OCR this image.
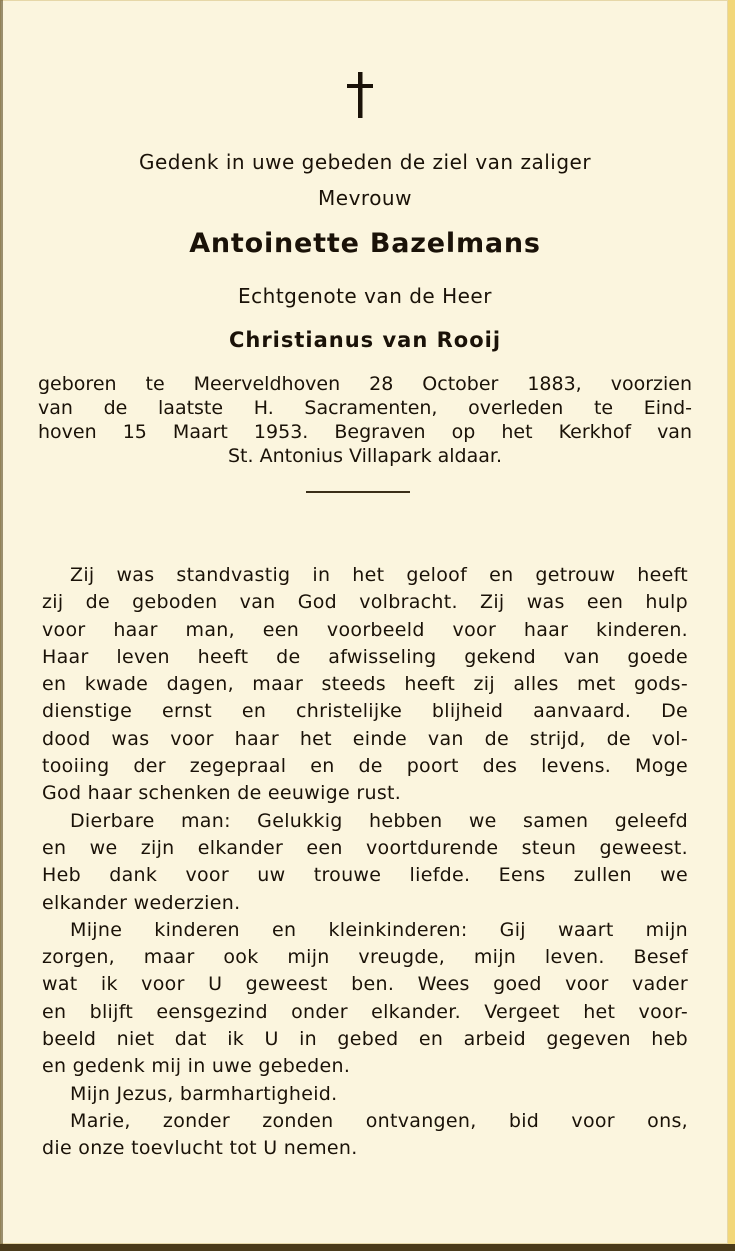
Gedenk in uwe gebeden de ziel van zaliger
Mevrouw
Antoinette Bazelmans
Echtgenote van de Heer
Christianus van Rooij
geboren te Meerveldhoven 28 October 1883, voorzien
van de laatste H. Sacramenten, overleden te Eind-
hoven 15 Maart 1953. Begraven op het Kerkhof van
St. Antonius Villapark aldaar.
Zij was standvastig in het geloof en getrouw heeft
zij de geboden van God volbracht. Zij was een hulp
voor haar man, een voorbeeld voor haar kinderen.
Haar leven heeft de afwisseling gekend van goede
en kwade dagen, maar steeds heeft zij alles met gods-
dienstige ernst en christelijke blijheid aanvaard. De
dood was voor haar het einde van de strijd, de vol-
tooiing der zegepraal en de poort des levens. Moge
God haar schenken de eeuwige rust.
Dierbare man: Gelukkig hebben we samen geleefd
en we zijn elkander een voortdurende steun geweest.
Heb dank voor uw trouwe liefde. Eens zullen we
elkander wederzien.
Mijne kinderen en kleinkinderen: Gij waart mijn
zorgen, maar ook mijn vreugde, mijn leven. Besef
wat ik voor U geweest ben. Wees goed voor vader
en blijft eensgezind onder elkander. Vergeet het voor-
beeld niet dat ik U in gebed en arbeid gegeven heb
en gedenk mij in uwe gebeden.
Mijn Jezus, barmhartigheid.
Marie, zonder zonden ontvangen, bid voor ons,
die onze toevlucht tot U nemen.
